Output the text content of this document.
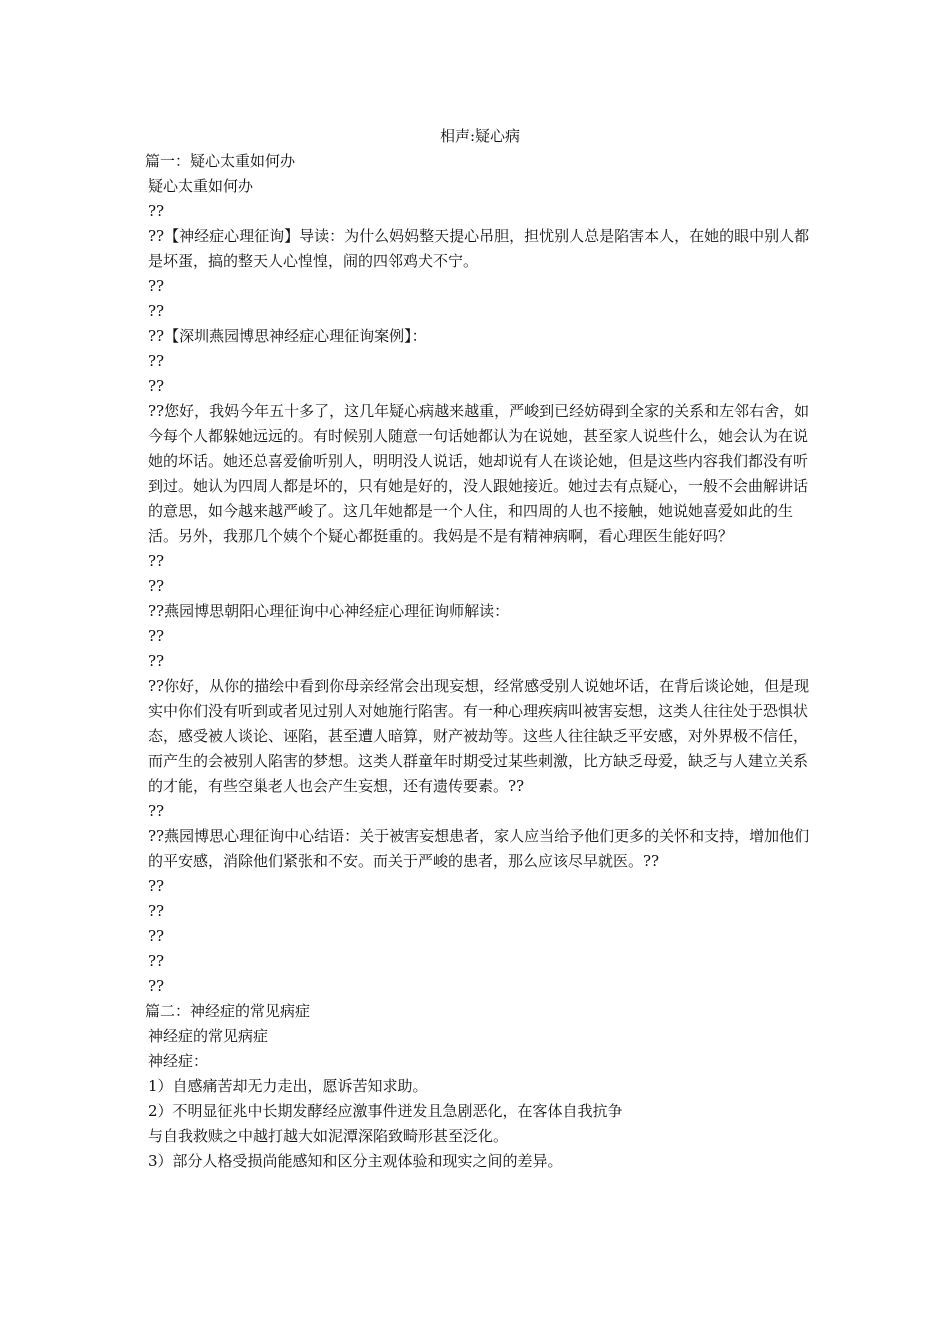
相声:疑心病

篇一：疑心太重如何办

疑心太重如何办

??

??【神经症心理征询】导读：为什么妈妈整天提心吊胆，担忧别人总是陷害本人，在她的眼中别人都是坏蛋，搞的整天人心惶惶，闹的四邻鸡犬不宁。

??

??

??【深圳燕园博思神经症心理征询案例】：

??

??

??您好，我妈今年五十多了，这几年疑心病越来越重，严峻到已经妨碍到全家的关系和左邻右舍，如今每个人都躲她远远的。有时候别人随意一句话她都认为在说她，甚至家人说些什么，她会认为在说她的坏话。她还总喜爱偷听别人，明明没人说话，她却说有人在谈论她，但是这些内容我们都没有听到过。她认为四周人都是坏的，只有她是好的，没人跟她接近。她过去有点疑心，一般不会曲解讲话的意思，如今越来越严峻了。这几年她都是一个人住，和四周的人也不接触，她说她喜爱如此的生活。另外，我那几个姨个个疑心都挺重的。我妈是不是有精神病啊，看心理医生能好吗？

??

??

??燕园博思朝阳心理征询中心神经症心理征询师解读：

??

??

??你好，从你的描绘中看到你母亲经常会出现妄想，经常感受别人说她坏话，在背后谈论她，但是现实中你们没有听到或者见过别人对她施行陷害。有一种心理疾病叫被害妄想，这类人往往处于恐惧状态，感受被人谈论、诬陷，甚至遭人暗算，财产被劫等。这些人往往缺乏平安感，对外界极不信任，而产生的会被别人陷害的梦想。这类人群童年时期受过某些刺激，比方缺乏母爱，缺乏与人建立关系的才能，有些空巢老人也会产生妄想，还有遗传要素。??

??

??燕园博思心理征询中心结语：关于被害妄想患者，家人应当给予他们更多的关怀和支持，增加他们的平安感，消除他们紧张和不安。而关于严峻的患者，那么应该尽早就医。??

??

??

??

??

??

篇二：神经症的常见病症

神经症的常见病症

神经症：

1）自感痛苦却无力走出，愿诉苦知求助。

2）不明显征兆中长期发酵经应激事件迸发且急剧恶化，在客体自我抗争

与自我救赎之中越打越大如泥潭深陷致畸形甚至泛化。

3）部分人格受损尚能感知和区分主观体验和现实之间的差异。
